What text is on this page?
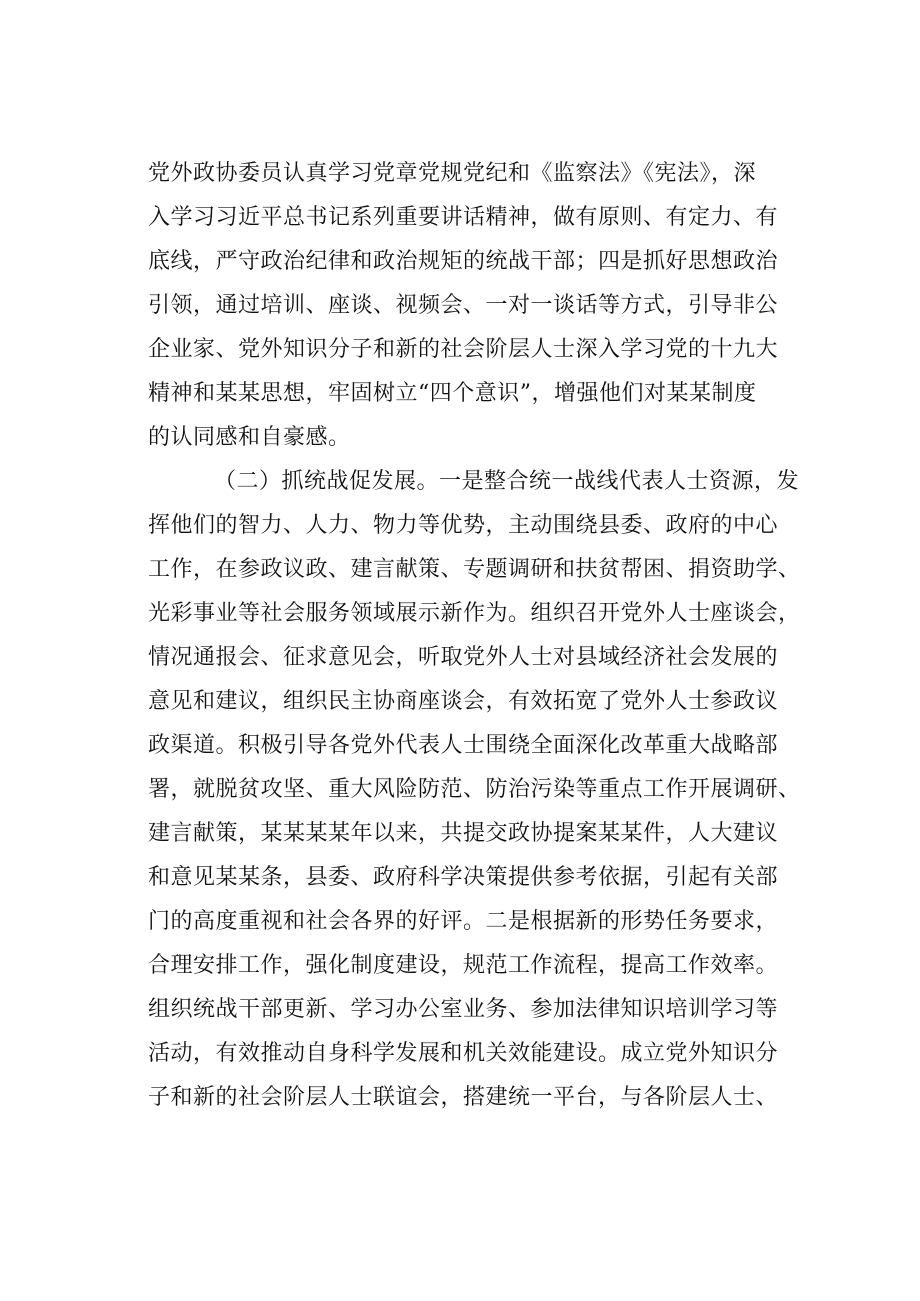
党外政协委员认真学习党章党规党纪和《监察法》《宪法》，深
入学习习近平总书记系列重要讲话精神，做有原则、有定力、有
底线，严守政治纪律和政治规矩的统战干部；四是抓好思想政治
引领，通过培训、座谈、视频会、一对一谈话等方式，引导非公
企业家、党外知识分子和新的社会阶层人士深入学习党的十九大
精神和某某思想，牢固树立“四个意识”，增强他们对某某制度
的认同感和自豪感。
（二）抓统战促发展。一是整合统一战线代表人士资源，发
挥他们的智力、人力、物力等优势，主动围绕县委、政府的中心
工作，在参政议政、建言献策、专题调研和扶贫帮困、捐资助学、
光彩事业等社会服务领域展示新作为。组织召开党外人士座谈会，
情况通报会、征求意见会，听取党外人士对县域经济社会发展的
意见和建议，组织民主协商座谈会，有效拓宽了党外人士参政议
政渠道。积极引导各党外代表人士围绕全面深化改革重大战略部
署，就脱贫攻坚、重大风险防范、防治污染等重点工作开展调研、
建言献策，某某某某年以来，共提交政协提案某某件，人大建议
和意见某某条，县委、政府科学决策提供参考依据，引起有关部
门的高度重视和社会各界的好评。二是根据新的形势任务要求，
合理安排工作，强化制度建设，规范工作流程，提高工作效率。
组织统战干部更新、学习办公室业务、参加法律知识培训学习等
活动，有效推动自身科学发展和机关效能建设。成立党外知识分
子和新的社会阶层人士联谊会，搭建统一平台，与各阶层人士、
